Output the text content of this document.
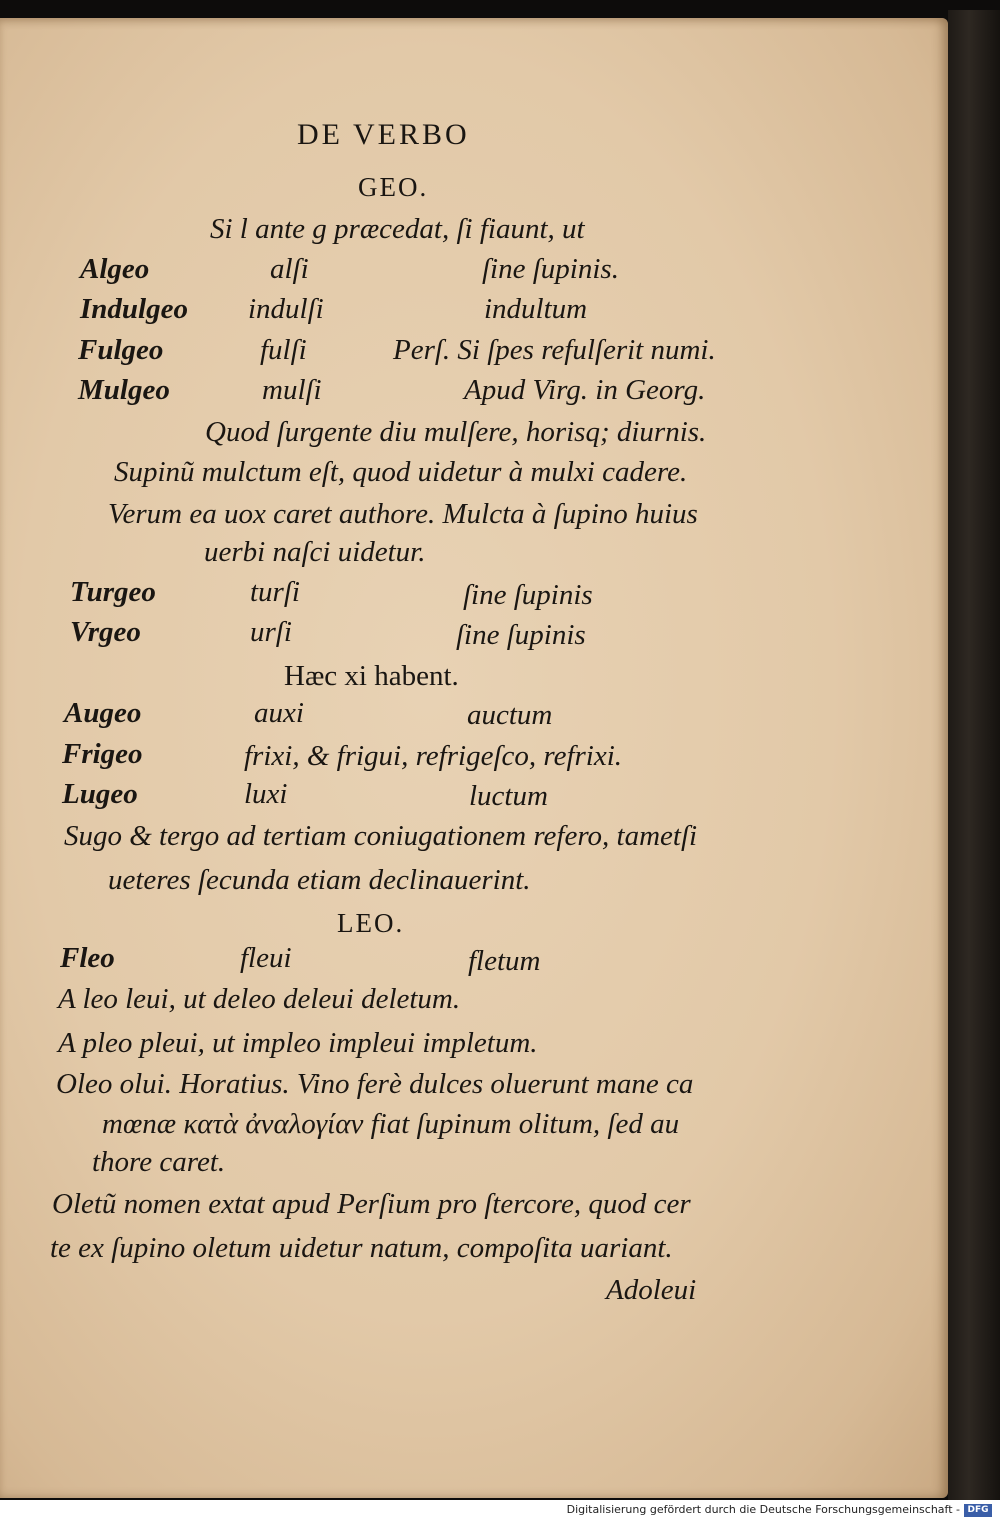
DE VERBO
GEO.
Si l ante g præcedat, ſi fiaunt, ut
Algeo	alſi	ſine ſupinis.
Indulgeo indulſi	indultum
Fulgeo	fulſi	Perſ. Si ſpes refulſerit numi.
Mulgeo	mulſi	Apud Virg. in Georg.
Quod ſurgente diu mulſere, horisq; diurnis.
Supinũ mulctum eſt, quod uidetur à mulxi cadere.
Verum ea uox caret authore. Mulcta à ſupino huius
uerbi naſci uidetur.
Turgeo	turſi	ſine ſupinis
Vrgeo	urſi	ſine ſupinis
Hæc xi habent.
Augeo	auxi	auctum
Frigeo	frixi, & frigui, refrigeſco, refrixi.
Lugeo	luxi	luctum
Sugo & tergo ad tertiam coniugationem refero, tametſi
ueteres ſecunda etiam declinauerint.
LEO.
Fleo	fleui	fletum
A leo leui, ut deleo deleui deletum.
A pleo pleui, ut impleo impleui impletum.
Oleo olui. Horatius. Vino ferè dulces oluerunt mane ca
mœnæ κατὰ ἀναλογίαν fiat ſupinum olitum, ſed au
thore caret.
Oletũ nomen extat apud Perſium pro ſtercore, quod cer
te ex ſupino oletum uidetur natum, compoſita uariant.
Adoleui
Digitalisierung gefördert durch die Deutsche Forschungsgemeinschaft - DFG
